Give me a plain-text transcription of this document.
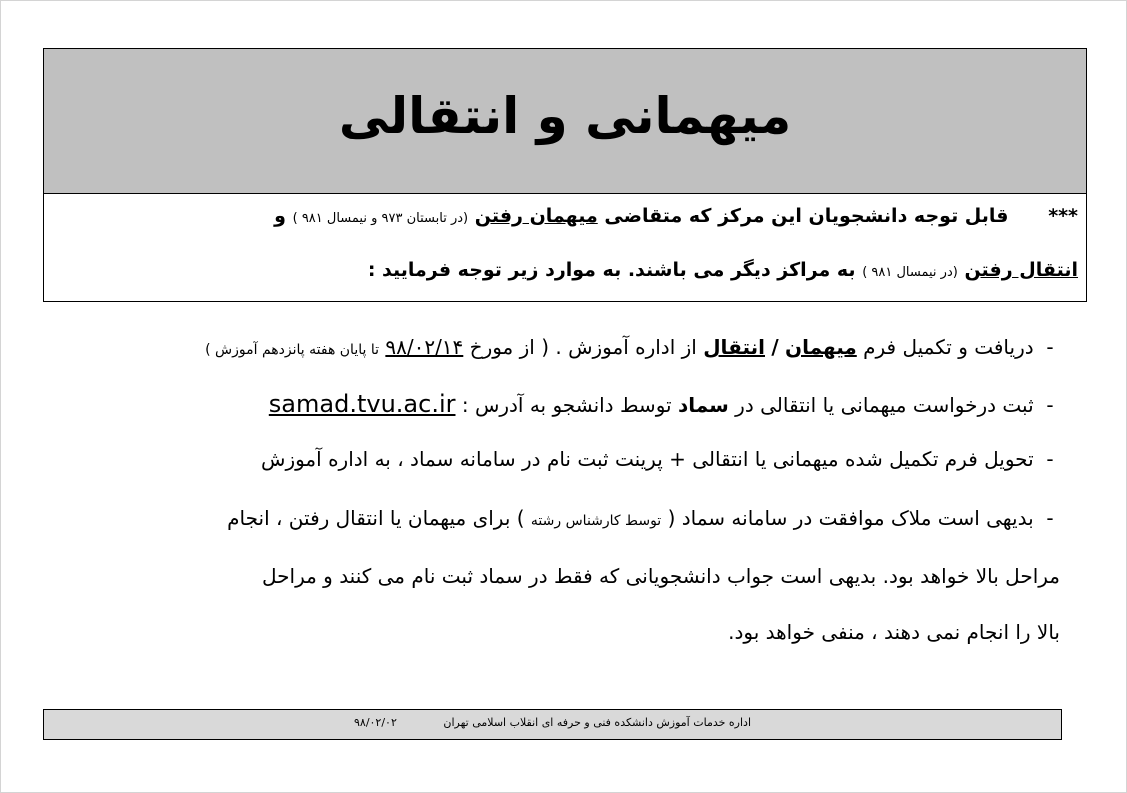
میهمانی و انتقالی
***      قابل توجه دانشجویان این مرکز که متقاضی میهمان رفتن (در تابستان ۹۷۳ و نیمسال ۹۸۱ ) و
انتقال رفتن (در نیمسال ۹۸۱ ) به مراکز دیگر می باشند. به موارد زیر توجه فرمایید :
- دریافت و تکمیل فرم میهمان / انتقال از اداره آموزش . ( از مورخ ۹۸/۰۲/۱۴ تا پایان هفته پانزدهم آموزش )
- ثبت درخواست میهمانی یا انتقالی در سماد توسط دانشجو به آدرس : samad.tvu.ac.ir
- تحویل فرم تکمیل شده میهمانی یا انتقالی + پرینت ثبت نام در سامانه سماد ، به اداره آموزش
- بدیهی است ملاک موافقت در سامانه سماد ( توسط کارشناس رشته ) برای میهمان یا انتقال رفتن ، انجام
مراحل بالا خواهد بود. بدیهی است جواب دانشجویانی که فقط در سماد ثبت نام می کنند و مراحل
بالا را انجام نمی دهند ، منفی خواهد بود.
اداره خدمات آموزش دانشکده فنی و حرفه ای انقلاب اسلامی تهران
۹۸/۰۲/۰۲
